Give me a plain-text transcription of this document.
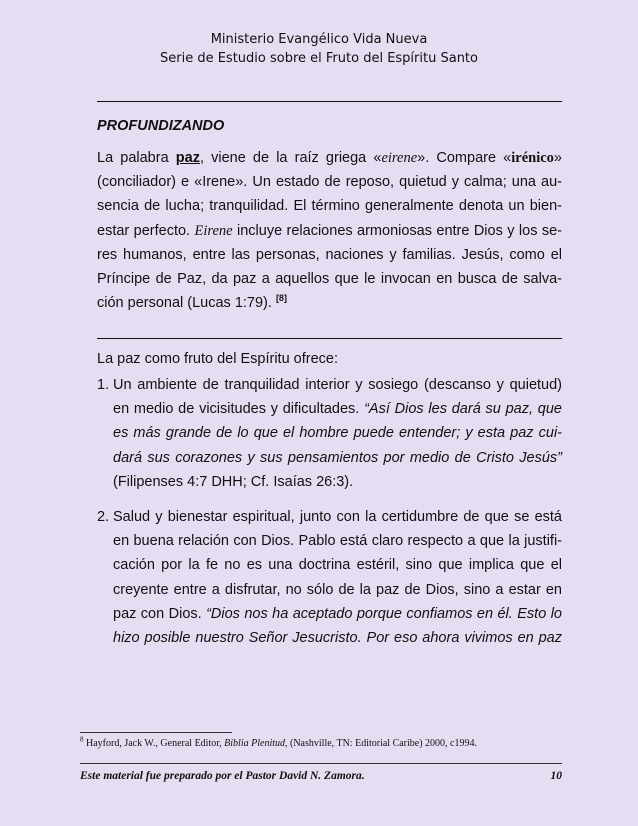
Ministerio Evangélico Vida Nueva
Serie de Estudio sobre el Fruto del Espíritu Santo
PROFUNDIZANDO
La palabra paz, viene de la raíz griega «eirene». Compare «irénico»
(conciliador) e «Irene». Un estado de reposo, quietud y calma; una au-
sencia de lucha; tranquilidad. El término generalmente denota un bien-
estar perfecto. Eirene incluye relaciones armoniosas entre Dios y los se-
res humanos, entre las personas, naciones y familias. Jesús, como el
Príncipe de Paz, da paz a aquellos que le invocan en busca de salva-
ción personal (Lucas 1:79). [8]
La paz como fruto del Espíritu ofrece:
1. Un ambiente de tranquilidad interior y sosiego (descanso y quietud)
en medio de vicisitudes y dificultades. “Así Dios les dará su paz, que
es más grande de lo que el hombre puede entender; y esta paz cui-
dará sus corazones y sus pensamientos por medio de Cristo Jesús”
(Filipenses 4:7 DHH; Cf. Isaías 26:3).
2. Salud y bienestar espiritual, junto con la certidumbre de que se está
en buena relación con Dios. Pablo está claro respecto a que la justifi-
cación por la fe no es una doctrina estéril, sino que implica que el
creyente entre a disfrutar, no sólo de la paz de Dios, sino a estar en
paz con Dios. “Dios nos ha aceptado porque confiamos en él. Esto lo
hizo posible nuestro Señor Jesucristo. Por eso ahora vivimos en paz
$^8$ Hayford, Jack W., General Editor, Biblia Plenitud, (Nashville, TN: Editorial Caribe) 2000, c1994.
Este material fue preparado por el Pastor David N. Zamora.	10
